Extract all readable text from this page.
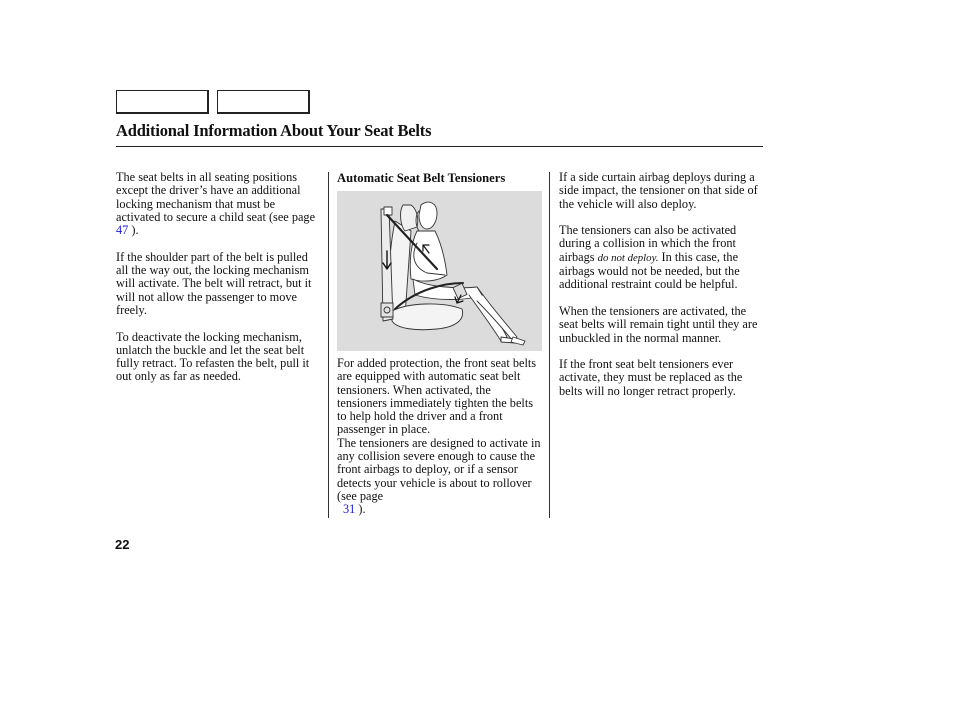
Additional Information About Your Seat Belts

The seat belts in all seating positions except the driver’s have an additional locking mechanism that must be activated to secure a child seat (see page 47 ).

If the shoulder part of the belt is pulled all the way out, the locking mechanism will activate. The belt will retract, but it will not allow the passenger to move freely.

To deactivate the locking mechanism, unlatch the buckle and let the seat belt fully retract. To refasten the belt, pull it out only as far as needed.

Automatic Seat Belt Tensioners

For added protection, the front seat belts are equipped with automatic seat belt tensioners. When activated, the tensioners immediately tighten the belts to help hold the driver and a front passenger in place.

The tensioners are designed to activate in any collision severe enough to cause the front airbags to deploy, or if a sensor detects your vehicle is about to rollover (see page
31 ).

If a side curtain airbag deploys during a side impact, the tensioner on that side of the vehicle will also deploy.

The tensioners can also be activated during a collision in which the front airbags do not deploy. In this case, the airbags would not be needed, but the additional restraint could be helpful.

When the tensioners are activated, the seat belts will remain tight until they are unbuckled in the normal manner.

If the front seat belt tensioners ever activate, they must be replaced as the belts will no longer retract properly.

22
